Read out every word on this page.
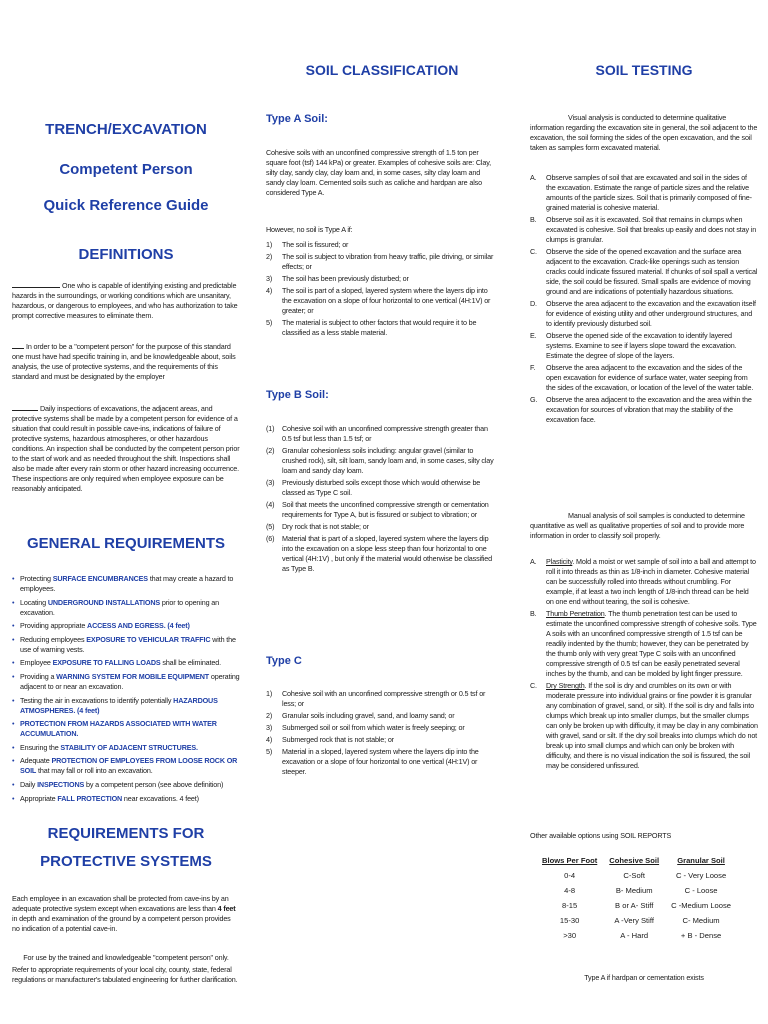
TRENCH/EXCAVATION
Competent Person
Quick Reference Guide
DEFINITIONS
One who is capable of identifying existing and predictable hazards in the surroundings, or working conditions which are unsanitary, hazardous, or dangerous to employees, and who has authorization to take prompt corrective measures to eliminate them.
In order to be a "competent person" for the purpose of this standard one must have had specific training in, and be knowledgeable about, soils analysis, the use of protective systems, and the requirements of this standard and must be designated by the employer
Daily inspections of excavations, the adjacent areas, and protective systems shall be made by a competent person for evidence of a situation that could result in possible cave-ins, indications of failure of protective systems, hazardous atmospheres, or other hazardous conditions. An inspection shall be conducted by the competent person prior to the start of work and as needed throughout the shift. Inspections shall also be made after every rain storm or other hazard increasing occurrence. These inspections are only required when employee exposure can be reasonably anticipated.
GENERAL REQUIREMENTS
• Protecting SURFACE ENCUMBRANCES that may create a hazard to employees.
• Locating UNDERGROUND INSTALLATIONS prior to opening an excavation.
• Providing appropriate ACCESS AND EGRESS. (4 feet)
• Reducing employees EXPOSURE TO VEHICULAR TRAFFIC with the use of warning vests.
• Employee EXPOSURE TO FALLING LOADS shall be eliminated.
• Providing a WARNING SYSTEM FOR MOBILE EQUIPMENT operating adjacent to or near an excavation.
• Testing the air in excavations to identify potentially HAZARDOUS ATMOSPHERES. (4 feet)
• PROTECTION FROM HAZARDS ASSOCIATED WITH WATER ACCUMULATION.
• Ensuring the STABILITY OF ADJACENT STRUCTURES.
• Adequate PROTECTION OF EMPLOYEES FROM LOOSE ROCK OR SOIL that may fall or roll into an excavation.
• Daily INSPECTIONS by a competent person (see above definition)
• Appropriate FALL PROTECTION near excavations. 4 feet)
REQUIREMENTS FOR
PROTECTIVE SYSTEMS
Each employee in an excavation shall be protected from cave-ins by an adequate protective system except when excavations are less than 4 feet in depth and examination of the ground by a competent person provides no indication of a potential cave-in.
For use by the trained and knowledgeable "competent person" only.
Refer to appropriate requirements of your local city, county, state, federal regulations or manufacturer's tabulated engineering for further clarification.
SOIL CLASSIFICATION
Type A Soil:
Cohesive soils with an unconfined compressive strength of 1.5 ton per square foot (tsf) 144 kPa) or greater. Examples of cohesive soils are: Clay, silty clay, sandy clay, clay loam and, in some cases, silty clay loam and sandy clay loam. Cemented soils such as caliche and hardpan are also considered Type A.
However, no soil is Type A if:
1)	The soil is fissured; or
2)	The soil is subject to vibration from heavy traffic, pile driving, or similar effects; or
3)	The soil has been previously disturbed; or
4)	The soil is part of a sloped, layered system where the layers dip into the excavation on a slope of four horizontal to one vertical (4H:1V) or greater; or
5)	The material is subject to other factors that would require it to be classified as a less stable material.
Type B Soil:
(1)	Cohesive soil with an unconfined compressive strength greater than 0.5 tsf but less than 1.5 tsf; or
(2)	Granular cohesionless soils including: angular gravel (similar to crushed rock), silt, silt loam, sandy loam and, in some cases, silty clay loam and sandy clay loam.
(3)	Previously disturbed soils except those which would otherwise be classed as Type C soil.
(4)	Soil that meets the unconfined compressive strength or cementation requirements for Type A, but is fissured or subject to vibration; or
(5)	Dry rock that is not stable; or
(6)	Material that is part of a sloped, layered system where the layers dip into the excavation on a slope less steep than four horizontal to one vertical (4H:1V) , but only if the material would otherwise be classified as Type B.
Type C
1)	Cohesive soil with an unconfined compressive strength or 0.5 tsf or less; or
2)	Granular soils including gravel, sand, and loamy sand; or
3)	Submerged soil or soil from which water is freely seeping; or
4)	Submerged rock that is not stable; or
5)	Material in a sloped, layered system where the layers dip into the excavation or a slope of four horizontal to one vertical (4H:1V) or steeper.
SOIL TESTING
Visual analysis is conducted to determine qualitative information regarding the excavation site in general, the soil adjacent to the excavation, the soil forming the sides of the open excavation, and the soil taken as samples form excavated material.
A.	Observe samples of soil that are excavated and soil in the sides of the excavation. Estimate the range of particle sizes and the relative amounts of the particle sizes. Soil that is primarily composed of fine-grained material is cohesive material.
B.	Observe soil as it is excavated. Soil that remains in clumps when excavated is cohesive. Soil that breaks up easily and does not stay in clumps is granular.
C.	Observe the side of the opened excavation and the surface area adjacent to the excavation. Crack-like openings such as tension cracks could indicate fissured material. If chunks of soil spall a vertical side, the soil could be fissured. Small spalls are evidence of moving ground and are indications of potentially hazardous situations.
D.	Observe the area adjacent to the excavation and the excavation itself for evidence of existing utility and other underground structures, and to identify previously disturbed soil.
E.	Observe the opened side of the excavation to identify layered systems. Examine to see if layers slope toward the excavation. Estimate the degree of slope of the layers.
F.	Observe the area adjacent to the excavation and the sides of the open excavation for evidence of surface water, water seeping from the sides of the excavation, or location of the level of the water table.
G.	Observe the area adjacent to the excavation and the area within the excavation for sources of vibration that may the stability of the excavation face.
Manual analysis of soil samples is conducted to determine quantitative as well as qualitative properties of soil and to provide more information in order to classify soil properly.
A.	Plasticity. Mold a moist or wet sample of soil into a ball and attempt to roll it into threads as thin as 1/8-inch in diameter. Cohesive material can be successfully rolled into threads without crumbling. For example, if at least a two inch length of 1/8-inch thread can be held on one end without tearing, the soil is cohesive.
B.	Thumb Penetration. The thumb penetration test can be used to estimate the unconfined compressive strength of cohesive soils. Type A soils with an unconfined compressive strength of 1.5 tsf can be readily indented by the thumb; however, they can be penetrated by the thumb only with very great Type C soils with an unconfined compressive strength of 0.5 tsf can be easily penetrated several inches by the thumb, and can be molded by light finger pressure.
C.	Dry Strength. If the soil is dry and crumbles on its own or with moderate pressure into individual grains or fine powder it is granular any combination of gravel, sand, or silt). If the soil is dry and falls into clumps which break up into smaller clumps, but the smaller clumps can only be broken up with difficulty, it may be clay in any combination with gravel, sand or silt. If the dry soil breaks into clumps which do not break up into small clumps and which can only be broken with difficulty, and there is no visual indication the soil is fissured, the soil may be considered unfissured.
Other available options using SOIL REPORTS
Blows Per Foot	Cohesive Soil	Granular Soil
0-4	C-Soft	C - Very Loose
4-8	B- Medium	C - Loose
8-15	B or A- Stiff	C -Medium Loose
15-30	A -Very Stiff	C- Medium
>30	A - Hard	+ B - Dense
Type A if hardpan or cementation exists
